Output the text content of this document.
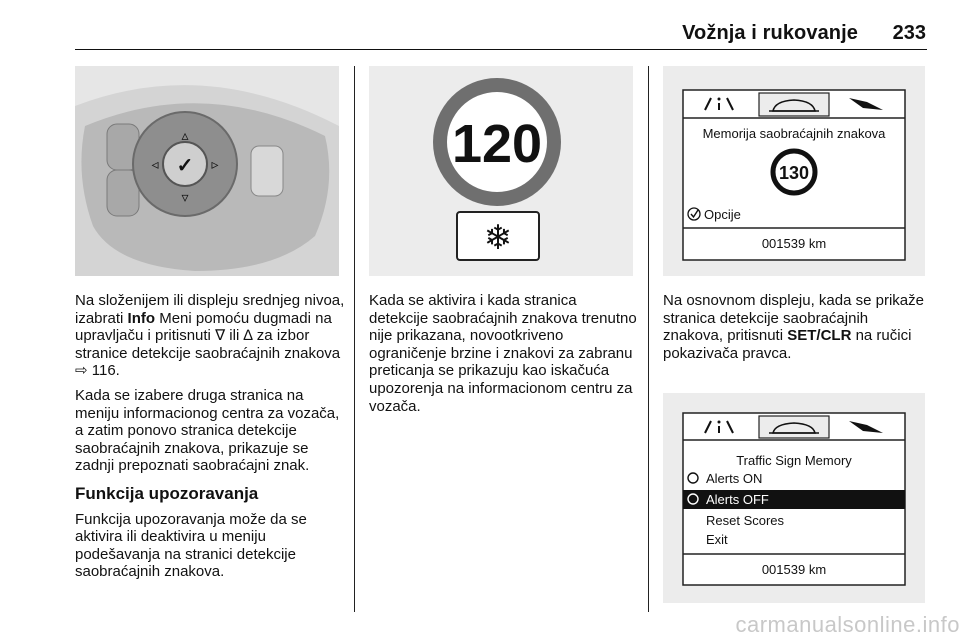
Vožnja i rukovanje	233
▵
▿
◃	▹
✓	120
❄
Memorija saobraćajnih znakova
130
Opcije
001539 km
Traffic Sign Memory
Alerts ON
Alerts OFF
Reset Scores
Exit
001539 km

Na složenijem ili displeju srednjeg nivoa, izabrati Info Meni pomoću dugmadi na upravljaču i pritisnuti ∇ ili ∆ za izbor stranice detekcije saobraćajnih znakova ⇨ 116.

Kada se izabere druga stranica na meniju informacionog centra za vozača, a zatim ponovo stranica detekcije saobraćajnih znakova, prikazuje se zadnji prepoznati saobraćajni znak.

Funkcija upozoravanja

Funkcija upozoravanja može da se aktivira ili deaktivira u meniju podešavanja na stranici detekcije saobraćajnih znakova.

Kada se aktivira i kada stranica detekcije saobraćajnih znakova trenutno nije prikazana, novootkriveno ograničenje brzine i znakovi za zabranu preticanja se prikazuju kao iskačuća upozorenja na informacionom centru za vozača.

Na osnovnom displeju, kada se prikaže stranica detekcije saobraćajnih znakova, pritisnuti SET/CLR na ručici pokazivača pravca.

carmanualsonline.info
